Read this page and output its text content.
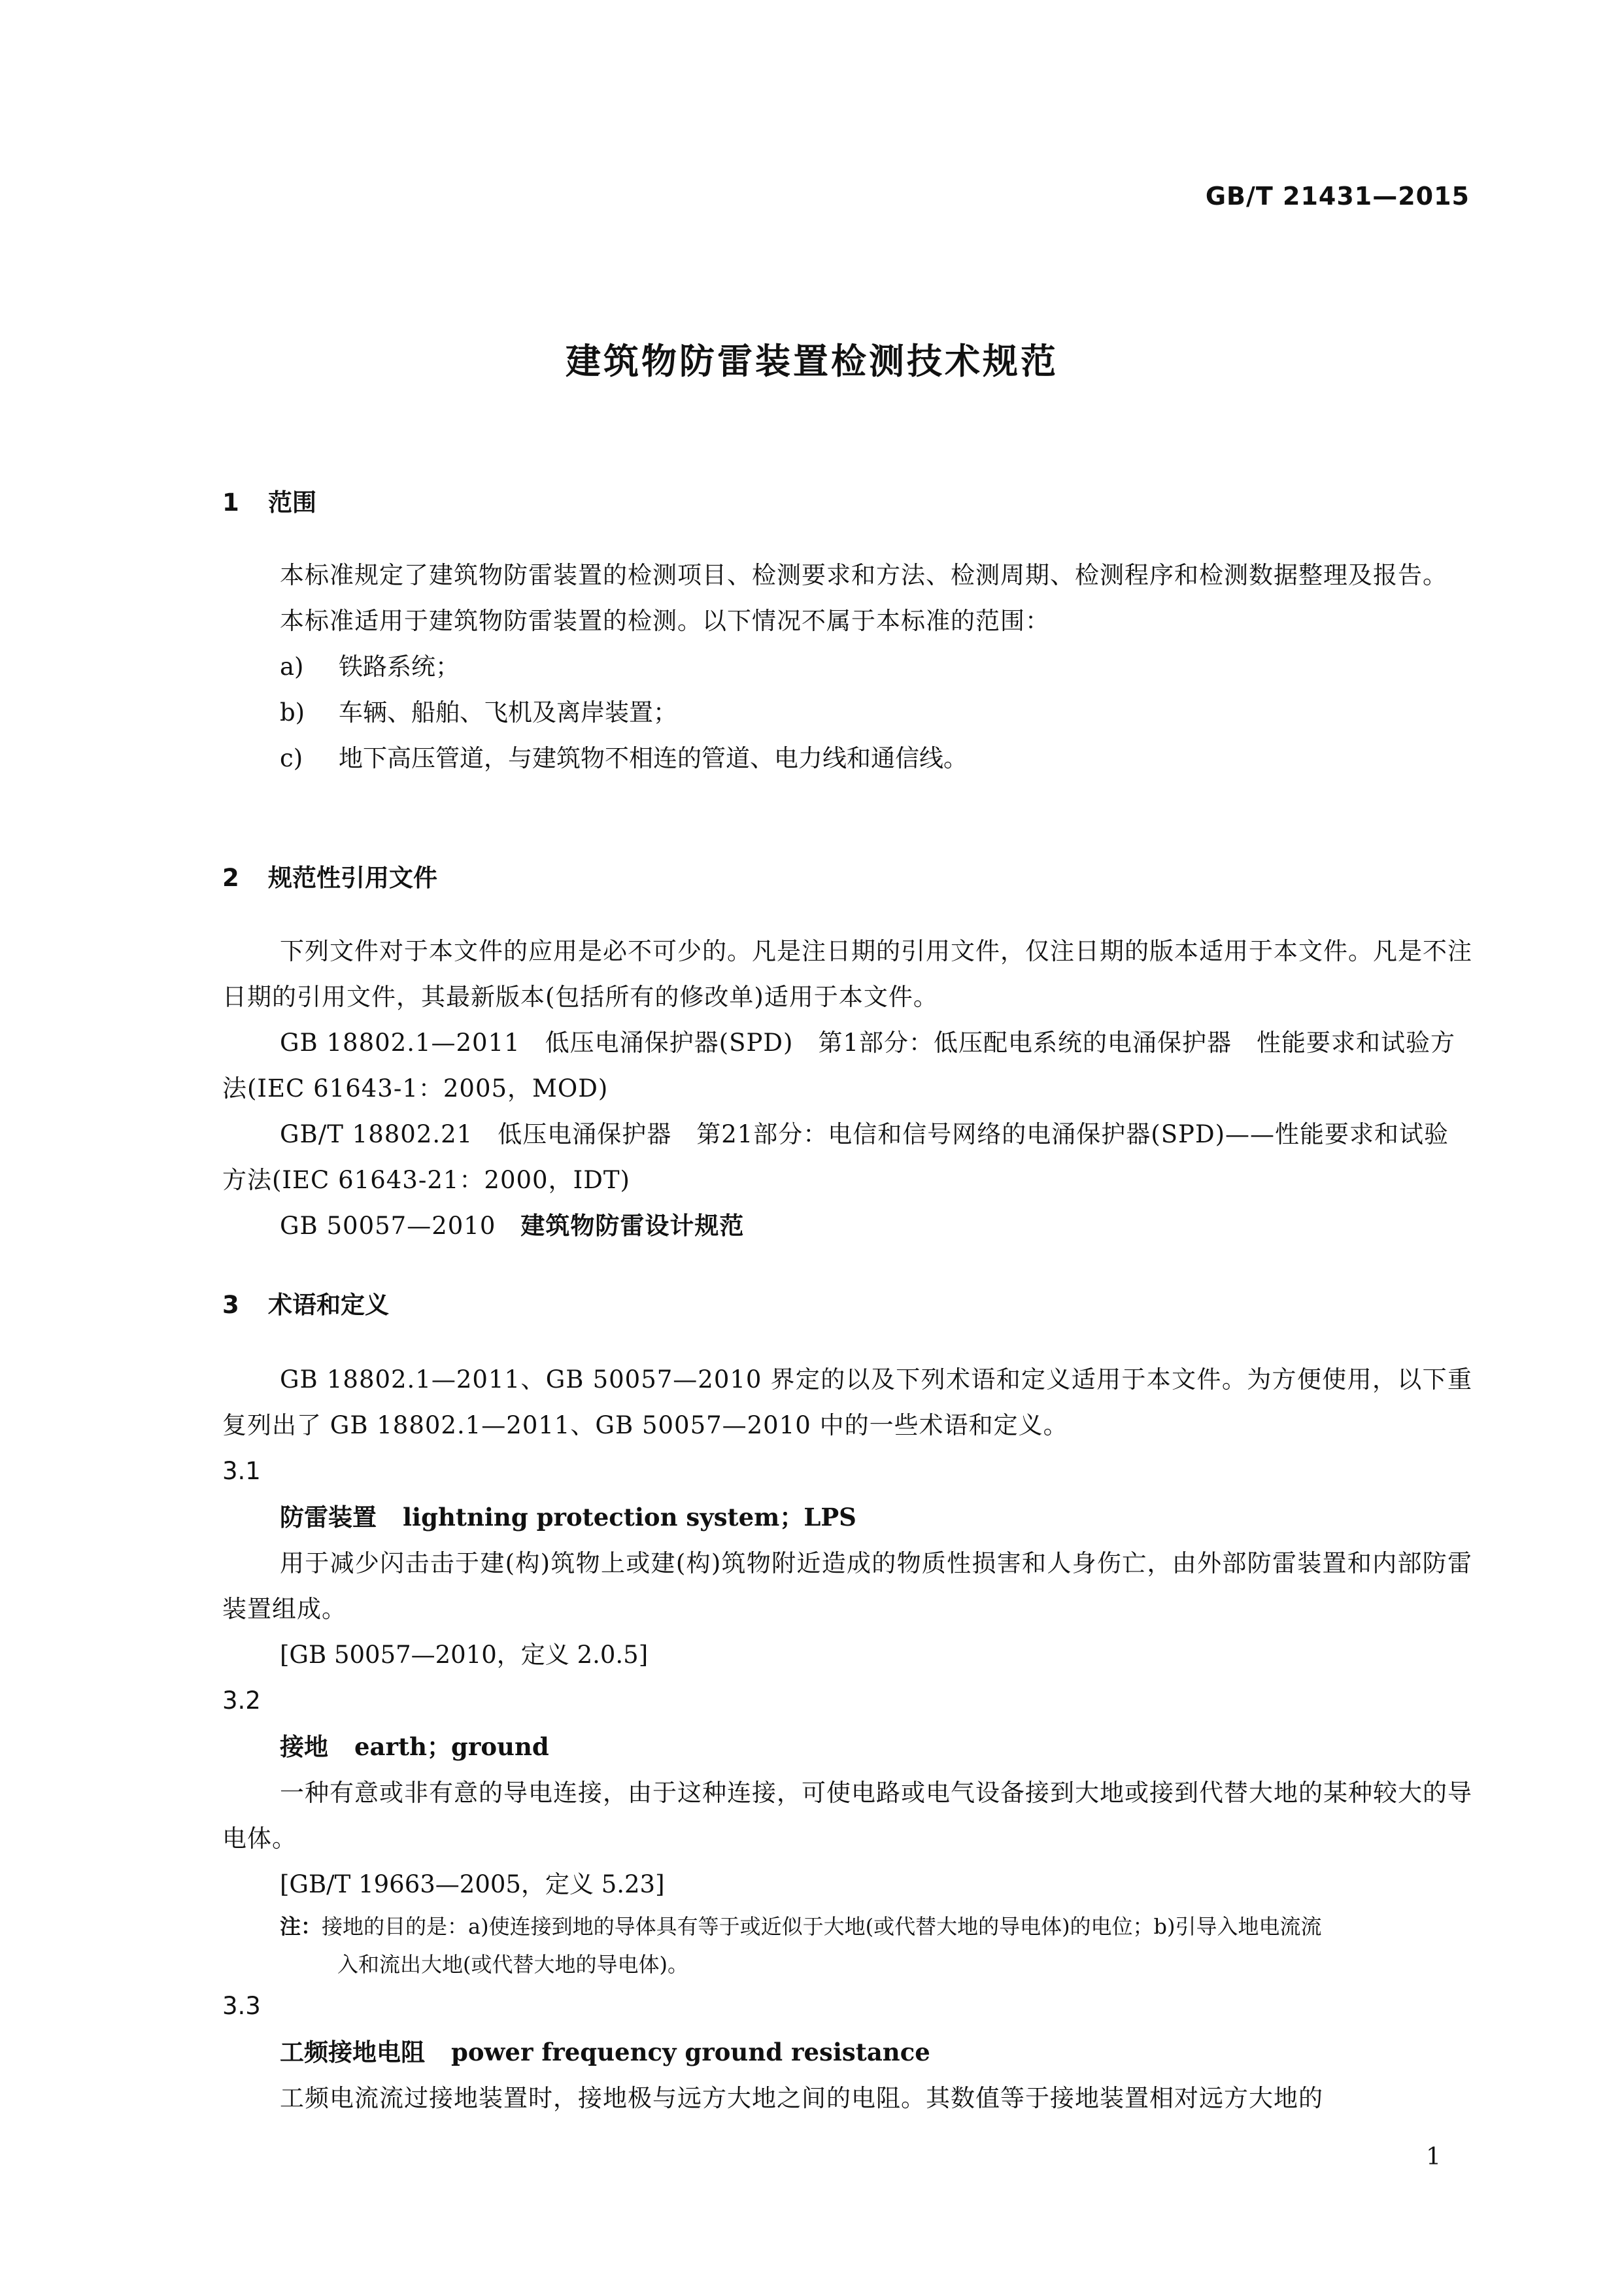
GB/T 21431—2015
建筑物防雷装置检测技术规范
1 范围
本标准规定了建筑物防雷装置的检测项目、检测要求和方法、检测周期、检测程序和检测数据整理及报告。
本标准适用于建筑物防雷装置的检测。以下情况不属于本标准的范围：
a) 铁路系统；
b) 车辆、船舶、飞机及离岸装置；
c) 地下高压管道，与建筑物不相连的管道、电力线和通信线。
2 规范性引用文件
下列文件对于本文件的应用是必不可少的。凡是注日期的引用文件，仅注日期的版本适用于本文件。凡是不注日期的引用文件，其最新版本(包括所有的修改单)适用于本文件。
GB 18802.1—2011　低压电涌保护器(SPD)　第1部分：低压配电系统的电涌保护器　性能要求和试验方法(IEC 61643-1：2005，MOD)
GB/T 18802.21　低压电涌保护器　第21部分：电信和信号网络的电涌保护器(SPD)——性能要求和试验方法(IEC 61643-21：2000，IDT)
GB 50057—2010　 建筑物防雷设计规范
3 术语和定义
GB 18802.1—2011、GB 50057—2010 界定的以及下列术语和定义适用于本文件。为方便使用，以下重复列出了 GB 18802.1—2011、GB 50057—2010 中的一些术语和定义。
3.1
防雷装置 lightning protection system；LPS
用于减少闪击击于建(构)筑物上或建(构)筑物附近造成的物质性损害和人身伤亡，由外部防雷装置和内部防雷装置组成。
[GB 50057—2010，定义 2.0.5]
3.2
接地 earth；ground
一种有意或非有意的导电连接，由于这种连接，可使电路或电气设备接到大地或接到代替大地的某种较大的导电体。
[GB/T 19663—2005，定义 5.23]
注：接地的目的是：a)使连接到地的导体具有等于或近似于大地(或代替大地的导电体)的电位；b)引导入地电流流
入和流出大地(或代替大地的导电体)。
3.3
工频接地电阻 power frequency ground resistance
工频电流流过接地装置时，接地极与远方大地之间的电阻。其数值等于接地装置相对远方大地的
1
